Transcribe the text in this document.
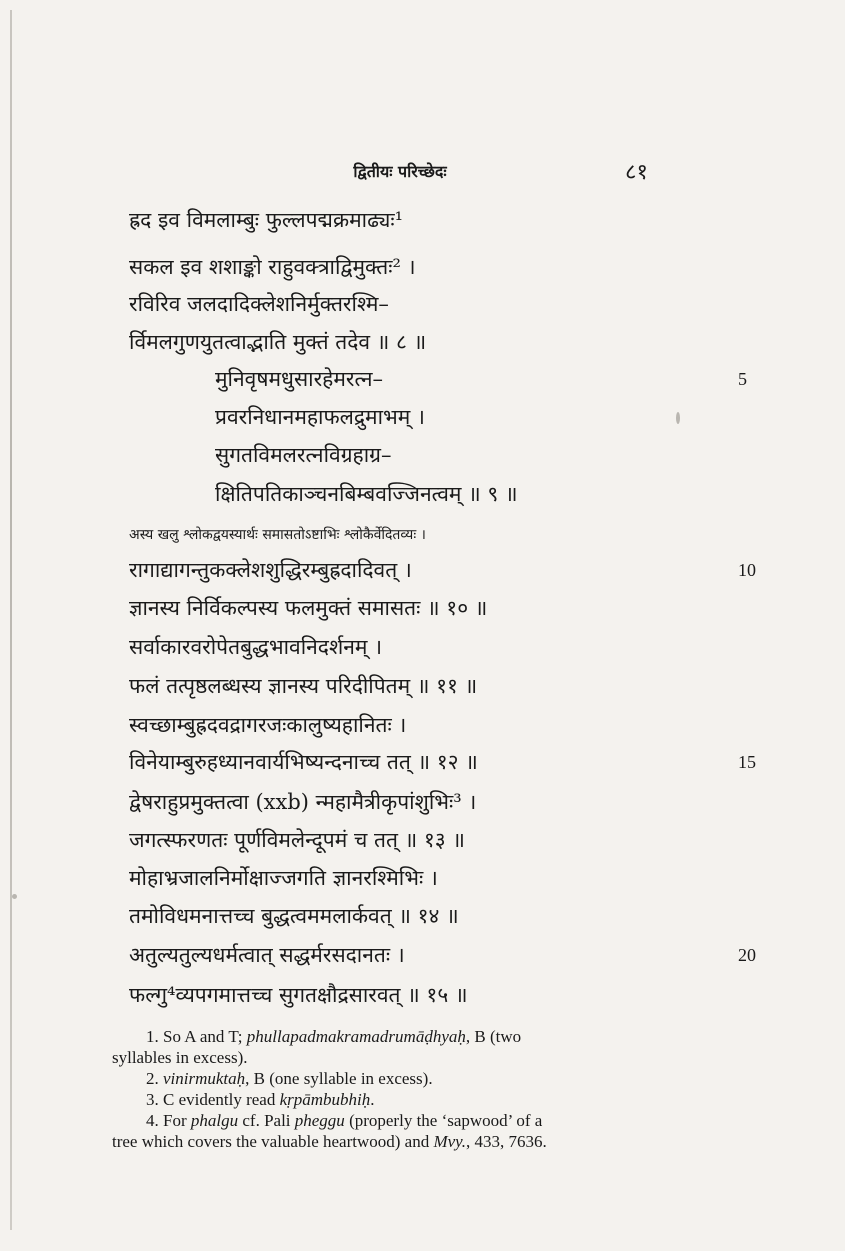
द्वितीयः परिच्छेदः	८१
ह्रद इव विमलाम्बुः फुल्लपद्मक्रमाढ्यः¹
सकल इव शशाङ्को राहुवक्त्राद्विमुक्तः² ।
रविरिव जलदादिक्लेशनिर्मुक्तरश्मि–
र्विमलगुणयुतत्वाद्भाति मुक्तं तदेव ॥ ८ ॥
मुनिवृषमधुसारहेमरत्न–	5
प्रवरनिधानमहाफलद्रुमाभम् ।
सुगतविमलरत्नविग्रहाग्र–
क्षितिपतिकाञ्चनबिम्बवज्जिनत्वम् ॥ ९ ॥
अस्य खलु श्लोकद्वयस्यार्थः समासतोऽष्टाभिः श्लोकैर्वेदितव्यः ।
रागाद्यागन्तुकक्लेशशुद्धिरम्बुह्रदादिवत् ।	10
ज्ञानस्य निर्विकल्पस्य फलमुक्तं समासतः ॥ १० ॥
सर्वाकारवरोपेतबुद्धभावनिदर्शनम् ।
फलं तत्पृष्ठलब्धस्य ज्ञानस्य परिदीपितम् ॥ ११ ॥
स्वच्छाम्बुह्रदवद्रागरजःकालुष्यहानितः ।
विनेयाम्बुरुहध्यानवार्यभिष्यन्दनाच्च तत् ॥ १२ ॥	15
द्वेषराहुप्रमुक्तत्वा (xxb) न्महामैत्रीकृपांशुभिः³ ।
जगत्स्फरणतः पूर्णविमलेन्दूपमं च तत् ॥ १३ ॥
मोहाभ्रजालनिर्मोक्षाज्जगति ज्ञानरश्मिभिः ।
तमोविधमनात्तच्च बुद्धत्वममलार्कवत् ॥ १४ ॥
अतुल्यतुल्यधर्मत्वात् सद्धर्मरसदानतः ।	20
फल्गु⁴व्यपगमात्तच्च सुगतक्षौद्रसारवत् ॥ १५ ॥

1. So A and T; phullapadmakramadrumāḍhyaḥ, B (two

syllables in excess).

2. vinirmuktaḥ, B (one syllable in excess).

3. C evidently read kṛpāmbubhiḥ.

4. For phalgu cf. Pali pheggu (properly the ‘sapwood’ of a

tree which covers the valuable heartwood) and Mvy., 433, 7636.
